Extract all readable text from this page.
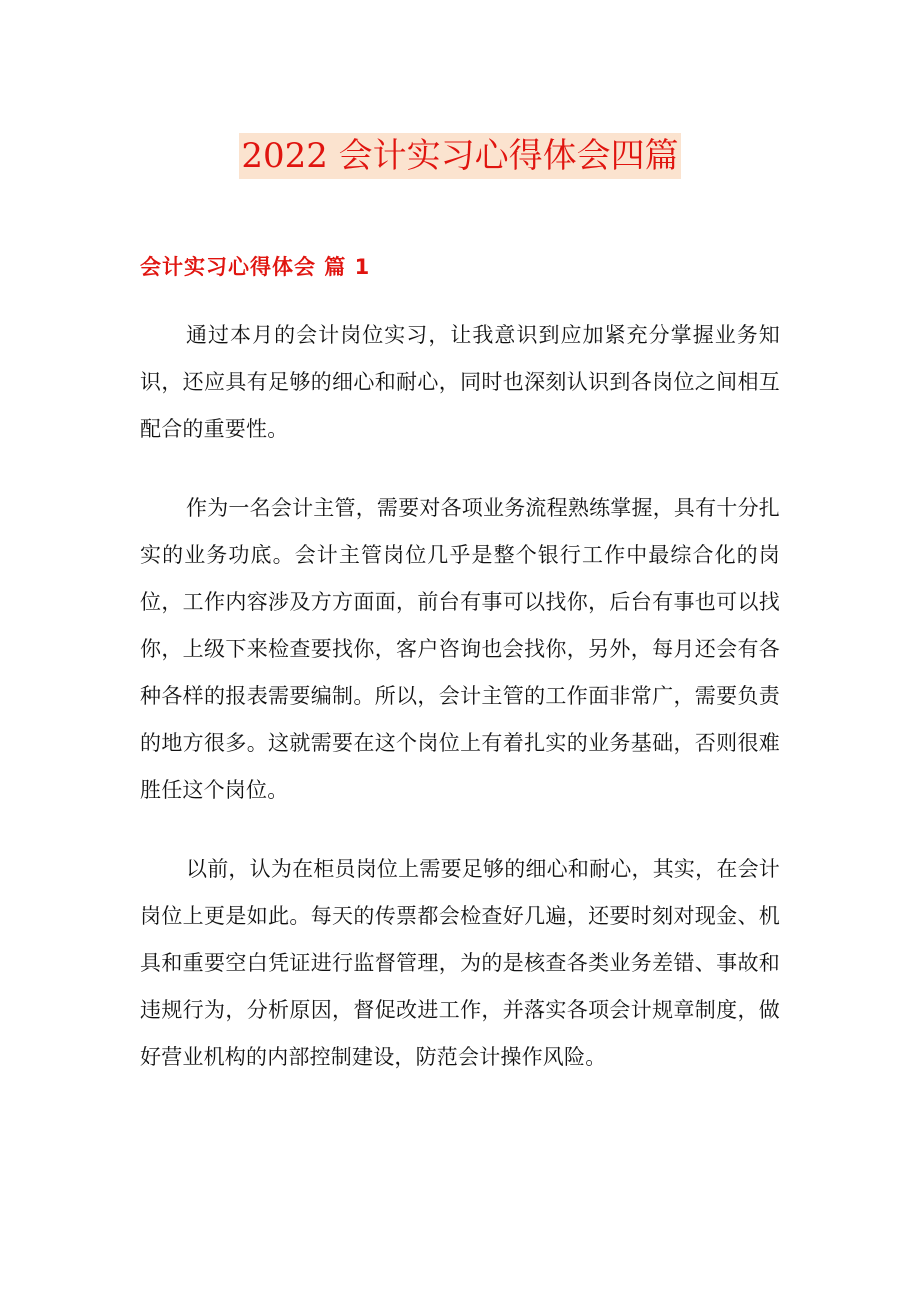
2022 会计实习心得体会四篇
会计实习心得体会 篇 1

通过本月的会计岗位实习，让我意识到应加紧充分掌握业务知识，还应具有足够的细心和耐心，同时也深刻认识到各岗位之间相互配合的重要性。

作为一名会计主管，需要对各项业务流程熟练掌握，具有十分扎实的业务功底。会计主管岗位几乎是整个银行工作中最综合化的岗位，工作内容涉及方方面面，前台有事可以找你，后台有事也可以找你，上级下来检查要找你，客户咨询也会找你，另外，每月还会有各种各样的报表需要编制。所以，会计主管的工作面非常广，需要负责的地方很多。这就需要在这个岗位上有着扎实的业务基础，否则很难胜任这个岗位。

以前，认为在柜员岗位上需要足够的细心和耐心，其实，在会计岗位上更是如此。每天的传票都会检查好几遍，还要时刻对现金、机具和重要空白凭证进行监督管理，为的是核查各类业务差错、事故和违规行为，分析原因，督促改进工作，并落实各项会计规章制度，做好营业机构的内部控制建设，防范会计操作风险。
